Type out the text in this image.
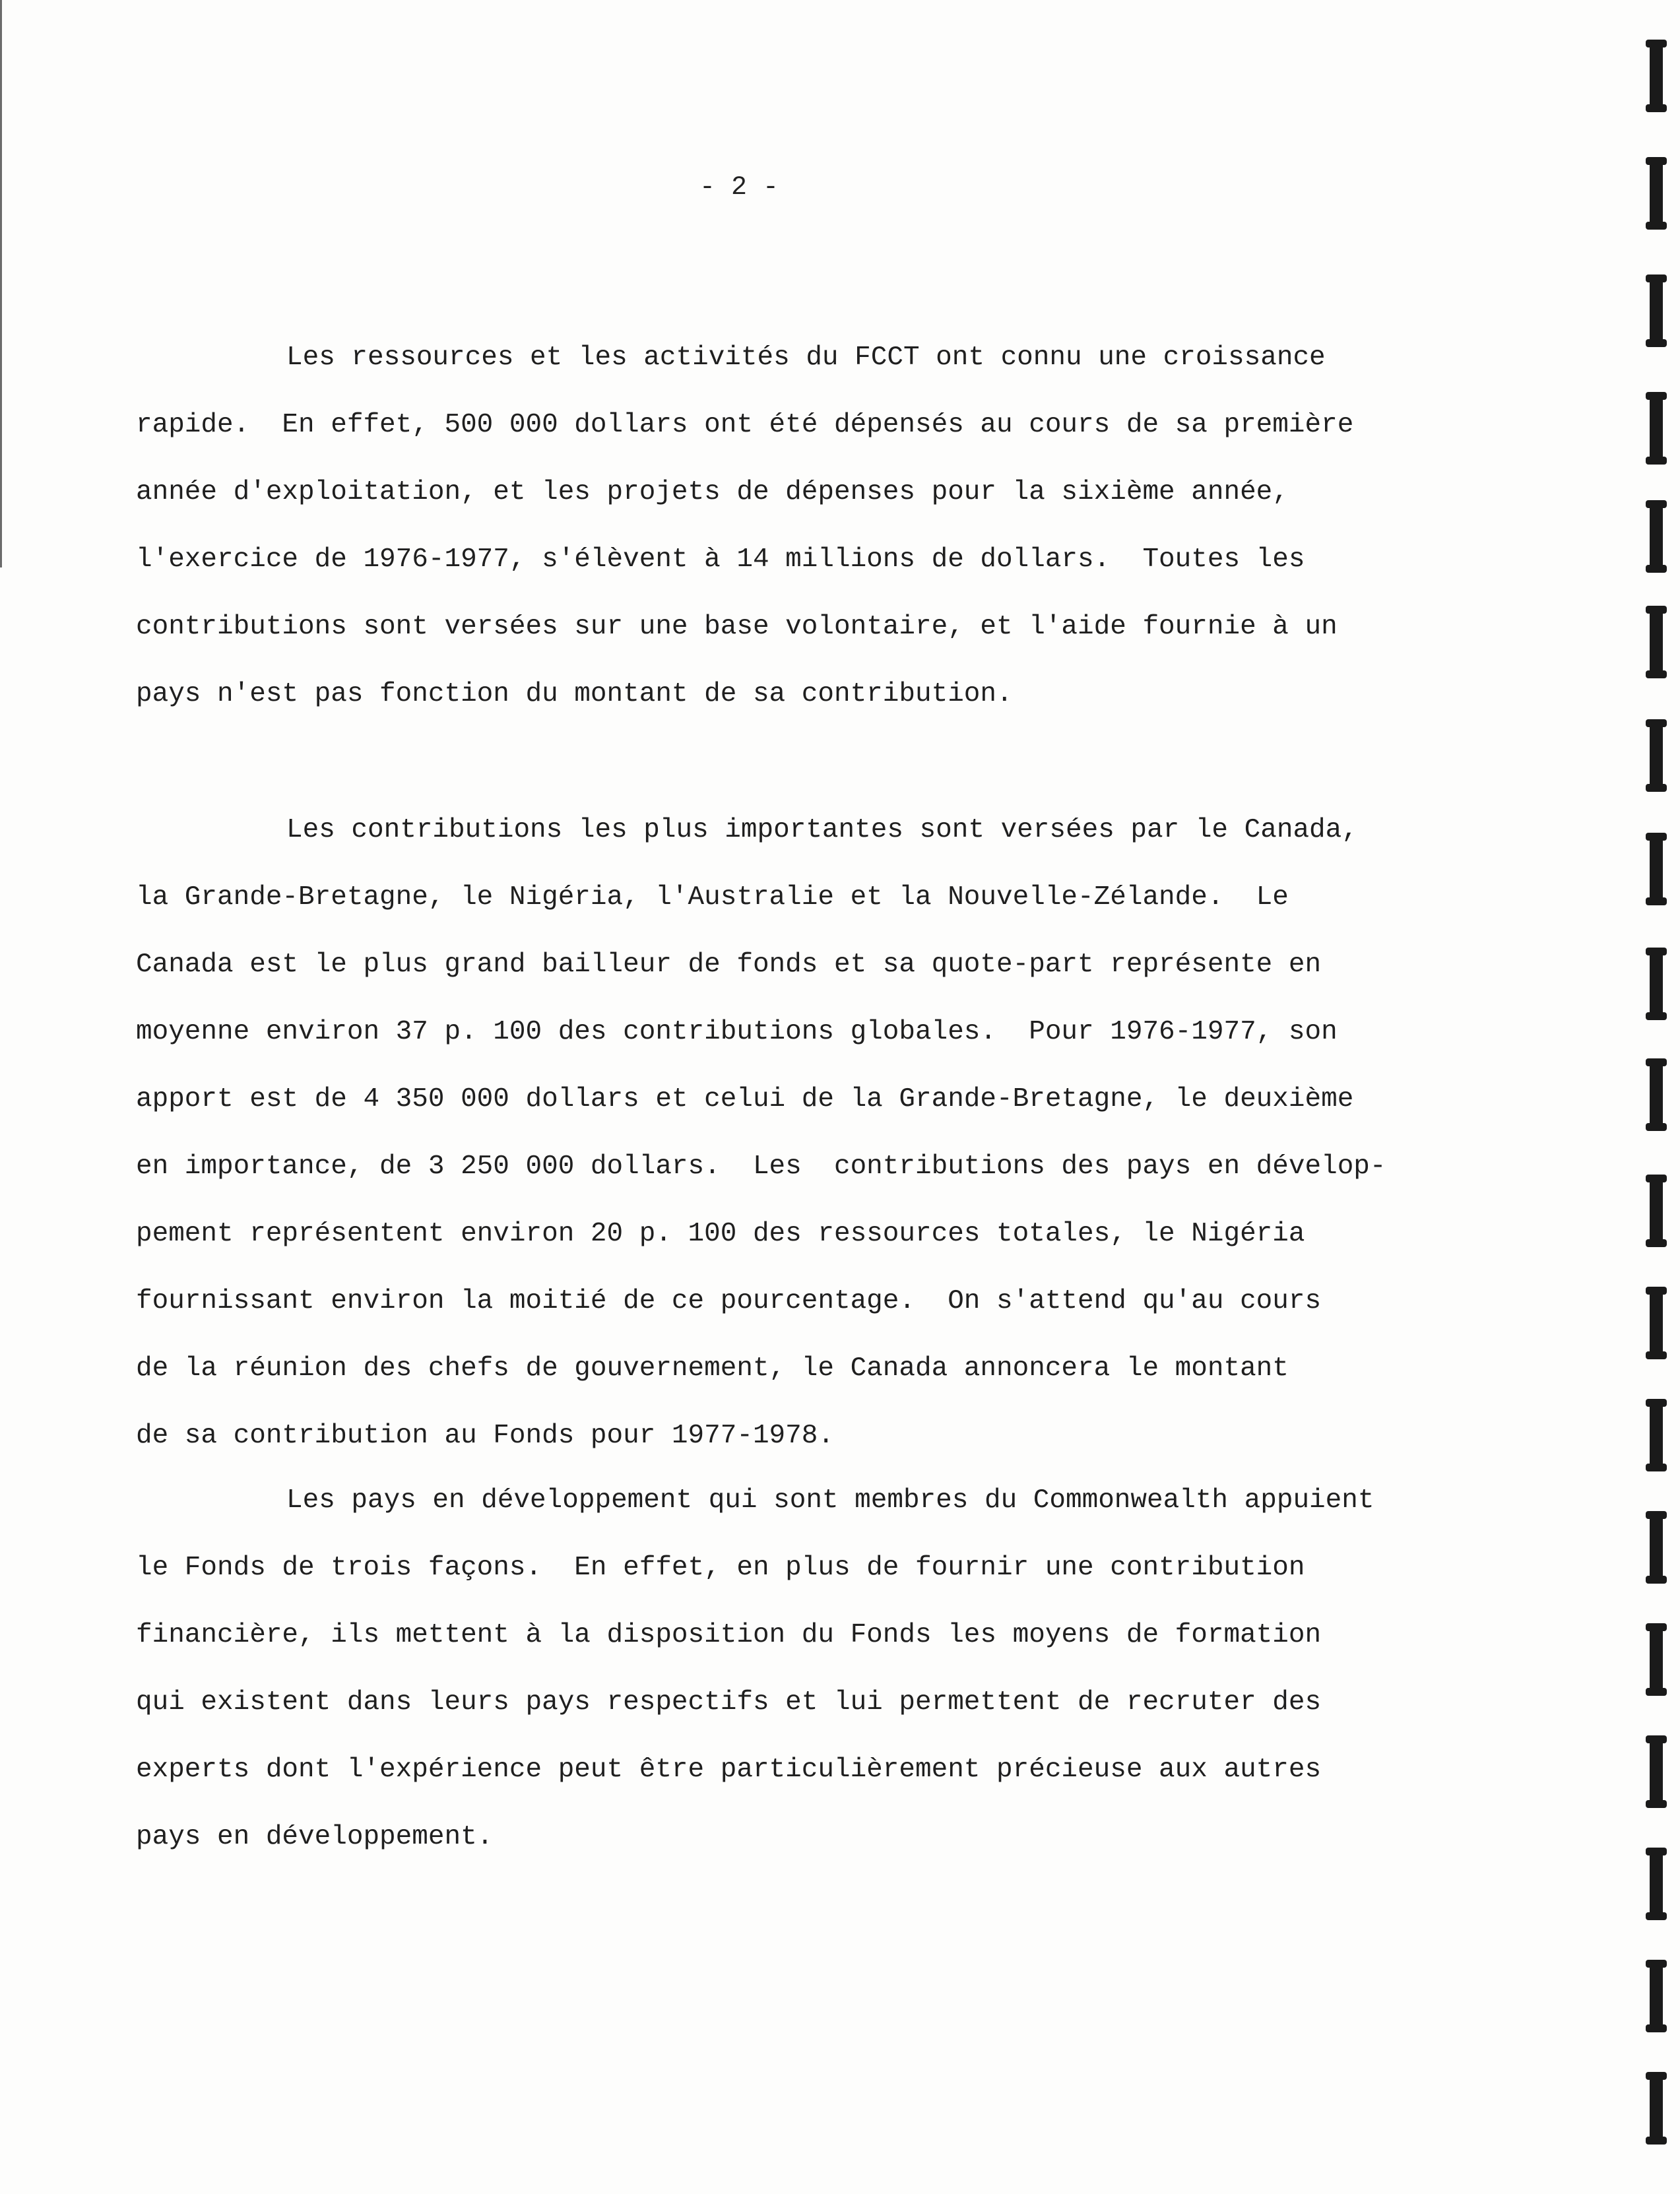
- 2 -

Les ressources et les activités du FCCT ont connu une croissance
rapide.  En effet, 500 000 dollars ont été dépensés au cours de sa première
année d'exploitation, et les projets de dépenses pour la sixième année,
l'exercice de 1976-1977, s'élèvent à 14 millions de dollars.  Toutes les
contributions sont versées sur une base volontaire, et l'aide fournie à un
pays n'est pas fonction du montant de sa contribution.

Les contributions les plus importantes sont versées par le Canada,
la Grande-Bretagne, le Nigéria, l'Australie et la Nouvelle-Zélande.  Le
Canada est le plus grand bailleur de fonds et sa quote-part représente en
moyenne environ 37 p. 100 des contributions globales.  Pour 1976-1977, son
apport est de 4 350 000 dollars et celui de la Grande-Bretagne, le deuxième
en importance, de 3 250 000 dollars.  Les  contributions des pays en dévelop-
pement représentent environ 20 p. 100 des ressources totales, le Nigéria
fournissant environ la moitié de ce pourcentage.  On s'attend qu'au cours
de la réunion des chefs de gouvernement, le Canada annoncera le montant
de sa contribution au Fonds pour 1977-1978.

Les pays en développement qui sont membres du Commonwealth appuient
le Fonds de trois façons.  En effet, en plus de fournir une contribution
financière, ils mettent à la disposition du Fonds les moyens de formation
qui existent dans leurs pays respectifs et lui permettent de recruter des
experts dont l'expérience peut être particulièrement précieuse aux autres
pays en développement.
